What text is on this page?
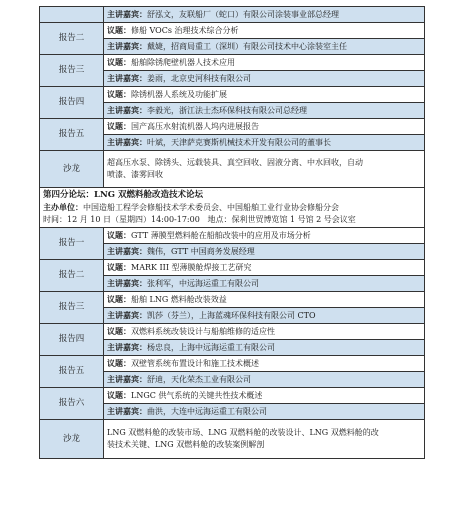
	主讲嘉宾：舒泓文，友联船厂（蛇口）有限公司涂装事业部总经理
报告二	议题：修船 VOCs 治理技术综合分析
	主讲嘉宾：戴婕，招商局重工（深圳）有限公司技术中心涂装室主任
报告三	议题：船舶除锈爬壁机器人技术应用
	主讲嘉宾：姜雨，北京史河科技有限公司
报告四	议题：除锈机器人系统及功能扩展
	主讲嘉宾：李毅光，浙江法士杰环保科技有限公司总经理
报告五	议题：国产高压水射流机器人坞内进展报告
	主讲嘉宾：叶斌，天津萨克赛斯机械技术开发有限公司的董事长
沙龙	超高压水泵、除锈头、远载装具、真空回收、固液分离、中水回收，自动
喷漆、漆雾回收

第四分论坛：LNG 双燃料舱改造技术论坛
主办单位：中国造船工程学会修船技术学术委员会、中国船舶工业行业协会修船分会
时间：12 月 10 日（星期四）14:00-17:00 地点：保利世贸博览馆 1 号馆 2 号会议室	

报告一	议题：GTT 薄膜型燃料舱在船舶改装中的应用及市场分析
	主讲嘉宾：魏伟，GTT 中国商务发展经理
报告二	议题：MARK III 型薄膜舱焊接工艺研究
	主讲嘉宾：张利军，中远海运重工有限公司
报告三	议题：船舶 LNG 燃料舱改装效益
	主讲嘉宾：凯莎（芬兰），上海蓝魂环保科技有限公司 CTO
报告四	议题：双燃料系统改装设计与船舶维修的适应性
	主讲嘉宾：杨忠良，上海中远海运重工有限公司
报告五	议题：双壁管系统布置设计和施工技术概述
	主讲嘉宾：舒迪，天化荣杰工业有限公司
报告六	议题：LNGC 供气系统的关键共性技术概述
	主讲嘉宾：曲洪，大连中远海运重工有限公司
沙龙	LNG 双燃料舱的改装市场、LNG 双燃料舱的改装设计、LNG 双燃料舱的改
装技术关键、LNG 双燃料舱的改装案例解剖
